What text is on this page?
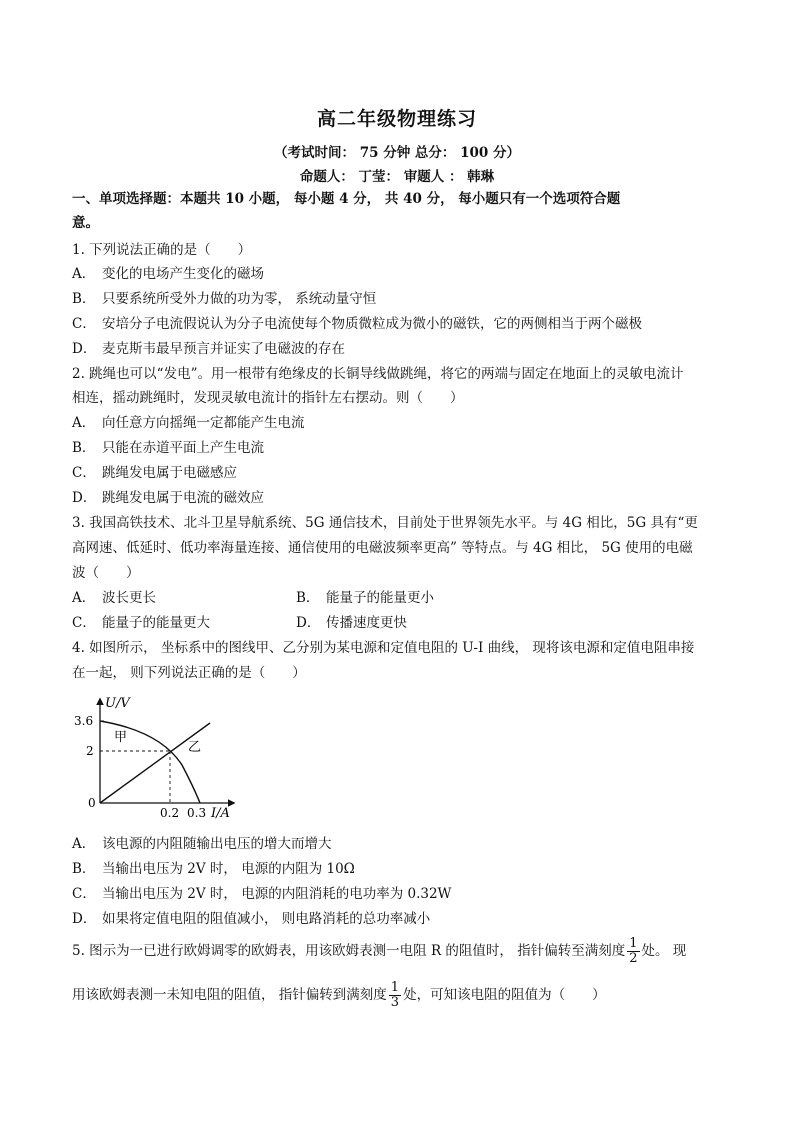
高二年级物理练习
（考试时间： 75 分钟 总分： 100 分）
命题人： 丁莹： 审题人 ： 韩琳
一、单项选择题：本题共 10 小题， 每小题 4 分， 共 40 分， 每小题只有一个选项符合题
意。
1. 下列说法正确的是（　　）
A． 变化的电场产生变化的磁场
B． 只要系统所受外力做的功为零， 系统动量守恒
C． 安培分子电流假说认为分子电流使每个物质微粒成为微小的磁铁，它的两侧相当于两个磁极
D． 麦克斯韦最早预言并证实了电磁波的存在
2. 跳绳也可以“发电”。用一根带有绝缘皮的长铜导线做跳绳，将它的两端与固定在地面上的灵敏电流计
相连，摇动跳绳时，发现灵敏电流计的指针左右摆动。则（　　）
A． 向任意方向摇绳一定都能产生电流
B． 只能在赤道平面上产生电流
C． 跳绳发电属于电磁感应
D． 跳绳发电属于电流的磁效应
3. 我国高铁技术、北斗卫星导航系统、5G 通信技术，目前处于世界领先水平。与 4G 相比，5G 具有“更
高网速、低延时、低功率海量连接、通信使用的电磁波频率更高” 等特点。与 4G 相比， 5G 使用的电磁
波（　　）
A． 波长更长	B． 能量子的能量更小
C． 能量子的能量更大	D． 传播速度更快
4. 如图所示， 坐标系中的图线甲、乙分别为某电源和定值电阻的 U-I 曲线， 现将该电源和定值电阻串接
在一起， 则下列说法正确的是（　　）
U/V
I/A
3.6
2
0
0.2 0.3
甲
乙
A． 该电源的内阻随输出电压的增大而增大
B． 当输出电压为 2V 时， 电源的内阻为 10Ω
C． 当输出电压为 2V 时， 电源的内阻消耗的电功率为 0.32W
D． 如果将定值电阻的阻值减小， 则电路消耗的总功率减小
5. 图示为一已进行欧姆调零的欧姆表，用该欧姆表测一电阻 R 的阻值时， 指针偏转至满刻度 $\frac{1}{2}$ 处。 现
用该欧姆表测一未知电阻的阻值， 指针偏转到满刻度 $\frac{1}{3}$ 处，可知该电阻的阻值为（　　）
